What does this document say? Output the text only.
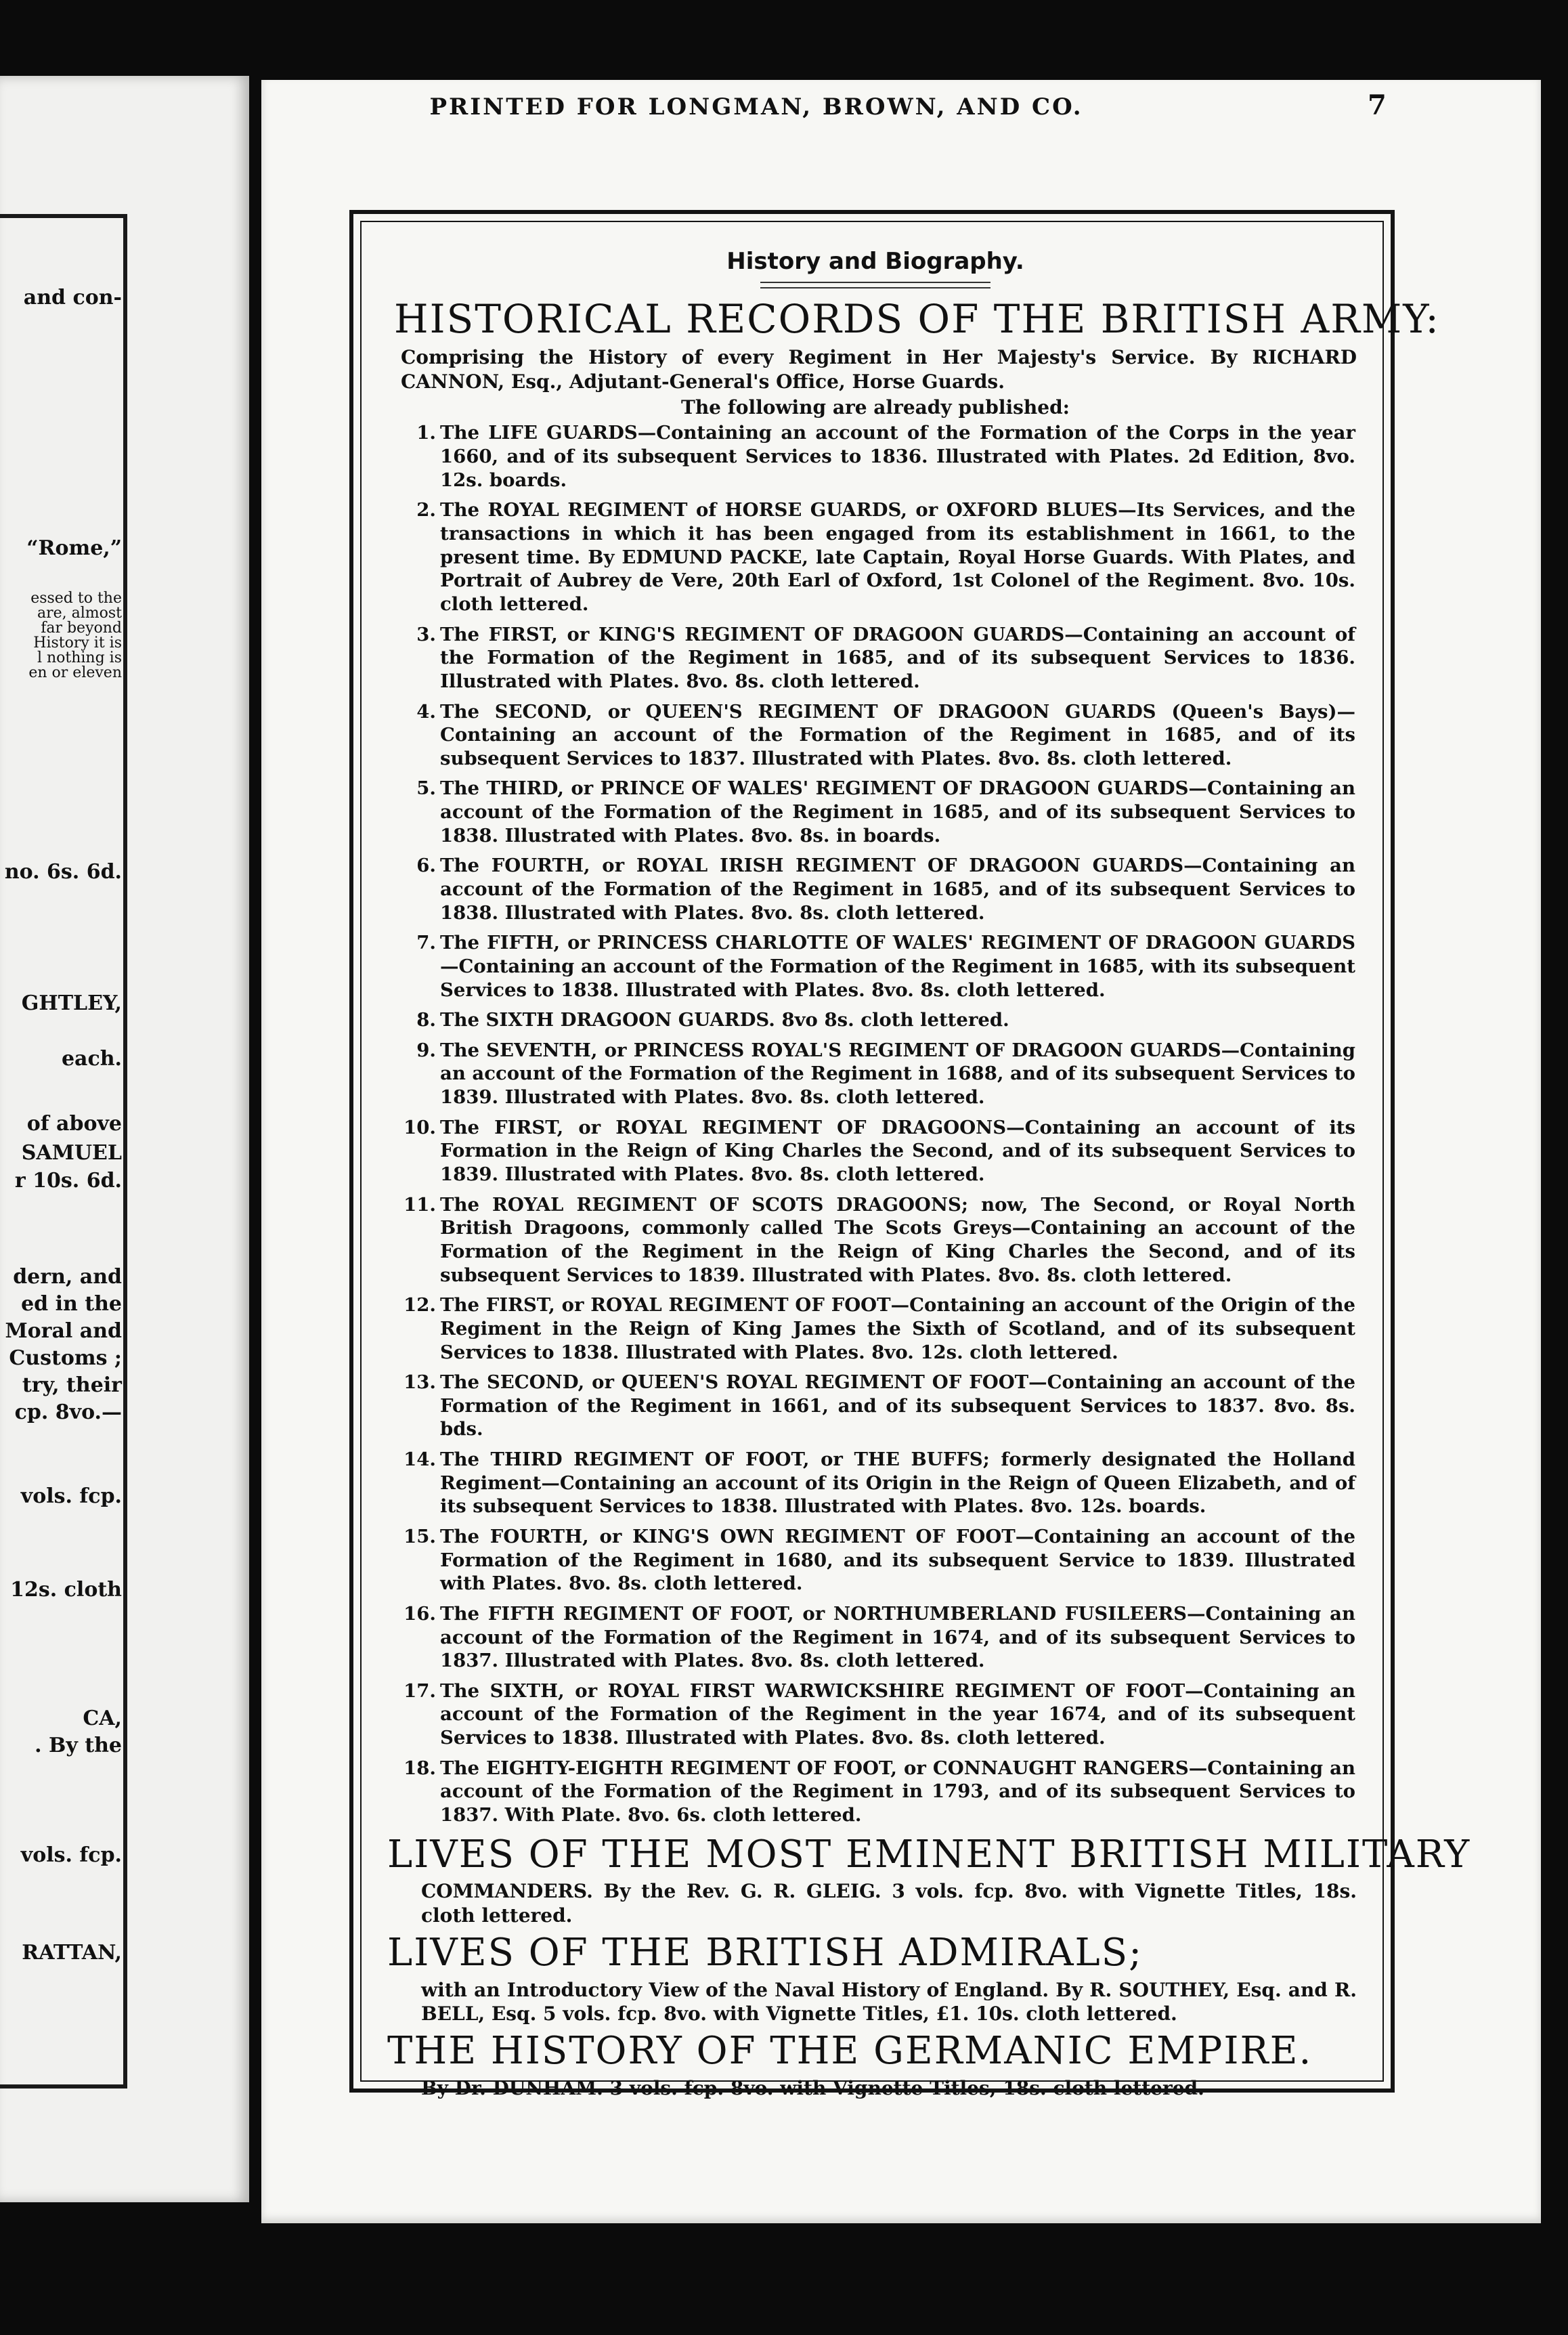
and con-
“Rome,”
essed to the
are, almost
far beyond
History it is
l nothing is
en or eleven
no. 6s. 6d.
GHTLEY,
each.
of above
SAMUEL
r 10s. 6d.
dern, and
ed in the
Moral and
Customs ;
try, their
cp. 8vo.—
vols. fcp.
12s. cloth
CA,
. By the
vols. fcp.
RATTAN,
PRINTED FOR LONGMAN, BROWN, AND CO.	7
History and Biography.
HISTORICAL RECORDS OF THE BRITISH ARMY:
Comprising the History of every Regiment in Her Majesty's Service. By RICHARD CANNON, Esq., Adjutant-General's Office, Horse Guards.
The following are already published:
1. The LIFE GUARDS—Containing an account of the Formation of the Corps in the year 1660, and of its subsequent Services to 1836. Illustrated with Plates. 2d Edition, 8vo. 12s. boards.
2. The ROYAL REGIMENT of HORSE GUARDS, or OXFORD BLUES—Its Services, and the transactions in which it has been engaged from its establishment in 1661, to the present time. By EDMUND PACKE, late Captain, Royal Horse Guards. With Plates, and Portrait of Aubrey de Vere, 20th Earl of Oxford, 1st Colonel of the Regiment. 8vo. 10s. cloth lettered.
3. The FIRST, or KING'S REGIMENT OF DRAGOON GUARDS—Containing an account of the Formation of the Regiment in 1685, and of its subsequent Services to 1836. Illustrated with Plates. 8vo. 8s. cloth lettered.
4. The SECOND, or QUEEN'S REGIMENT OF DRAGOON GUARDS (Queen's Bays)—Containing an account of the Formation of the Regiment in 1685, and of its subsequent Services to 1837. Illustrated with Plates. 8vo. 8s. cloth lettered.
5. The THIRD, or PRINCE OF WALES' REGIMENT OF DRAGOON GUARDS—Containing an account of the Formation of the Regiment in 1685, and of its subsequent Services to 1838. Illustrated with Plates. 8vo. 8s. in boards.
6. The FOURTH, or ROYAL IRISH REGIMENT OF DRAGOON GUARDS—Containing an account of the Formation of the Regiment in 1685, and of its subsequent Services to 1838. Illustrated with Plates. 8vo. 8s. cloth lettered.
7. The FIFTH, or PRINCESS CHARLOTTE OF WALES' REGIMENT OF DRAGOON GUARDS—Containing an account of the Formation of the Regiment in 1685, with its subsequent Services to 1838. Illustrated with Plates. 8vo. 8s. cloth lettered.
8. The SIXTH DRAGOON GUARDS. 8vo 8s. cloth lettered.
9. The SEVENTH, or PRINCESS ROYAL'S REGIMENT OF DRAGOON GUARDS—Containing an account of the Formation of the Regiment in 1688, and of its subsequent Services to 1839. Illustrated with Plates. 8vo. 8s. cloth lettered.
10. The FIRST, or ROYAL REGIMENT OF DRAGOONS—Containing an account of its Formation in the Reign of King Charles the Second, and of its subsequent Services to 1839. Illustrated with Plates. 8vo. 8s. cloth lettered.
11. The ROYAL REGIMENT OF SCOTS DRAGOONS; now, The Second, or Royal North British Dragoons, commonly called The Scots Greys—Containing an account of the Formation of the Regiment in the Reign of King Charles the Second, and of its subsequent Services to 1839. Illustrated with Plates. 8vo. 8s. cloth lettered.
12. The FIRST, or ROYAL REGIMENT OF FOOT—Containing an account of the Origin of the Regiment in the Reign of King James the Sixth of Scotland, and of its subsequent Services to 1838. Illustrated with Plates. 8vo. 12s. cloth lettered.
13. The SECOND, or QUEEN'S ROYAL REGIMENT OF FOOT—Containing an account of the Formation of the Regiment in 1661, and of its subsequent Services to 1837. 8vo. 8s. bds.
14. The THIRD REGIMENT OF FOOT, or THE BUFFS; formerly designated the Holland Regiment—Containing an account of its Origin in the Reign of Queen Elizabeth, and of its subsequent Services to 1838. Illustrated with Plates. 8vo. 12s. boards.
15. The FOURTH, or KING'S OWN REGIMENT OF FOOT—Containing an account of the Formation of the Regiment in 1680, and its subsequent Service to 1839. Illustrated with Plates. 8vo. 8s. cloth lettered.
16. The FIFTH REGIMENT OF FOOT, or NORTHUMBERLAND FUSILEERS—Containing an account of the Formation of the Regiment in 1674, and of its subsequent Services to 1837. Illustrated with Plates. 8vo. 8s. cloth lettered.
17. The SIXTH, or ROYAL FIRST WARWICKSHIRE REGIMENT OF FOOT—Containing an account of the Formation of the Regiment in the year 1674, and of its subsequent Services to 1838. Illustrated with Plates. 8vo. 8s. cloth lettered.
18. The EIGHTY-EIGHTH REGIMENT OF FOOT, or CONNAUGHT RANGERS—Containing an account of the Formation of the Regiment in 1793, and of its subsequent Services to 1837. With Plate. 8vo. 6s. cloth lettered.
LIVES OF THE MOST EMINENT BRITISH MILITARY
COMMANDERS. By the Rev. G. R. GLEIG. 3 vols. fcp. 8vo. with Vignette Titles, 18s. cloth lettered.
LIVES OF THE BRITISH ADMIRALS;
with an Introductory View of the Naval History of England. By R. SOUTHEY, Esq. and R. BELL, Esq. 5 vols. fcp. 8vo. with Vignette Titles, £1. 10s. cloth lettered.
THE HISTORY OF THE GERMANIC EMPIRE.
By Dr. DUNHAM. 3 vols. fcp. 8vo. with Vignette Titles, 18s. cloth lettered.
